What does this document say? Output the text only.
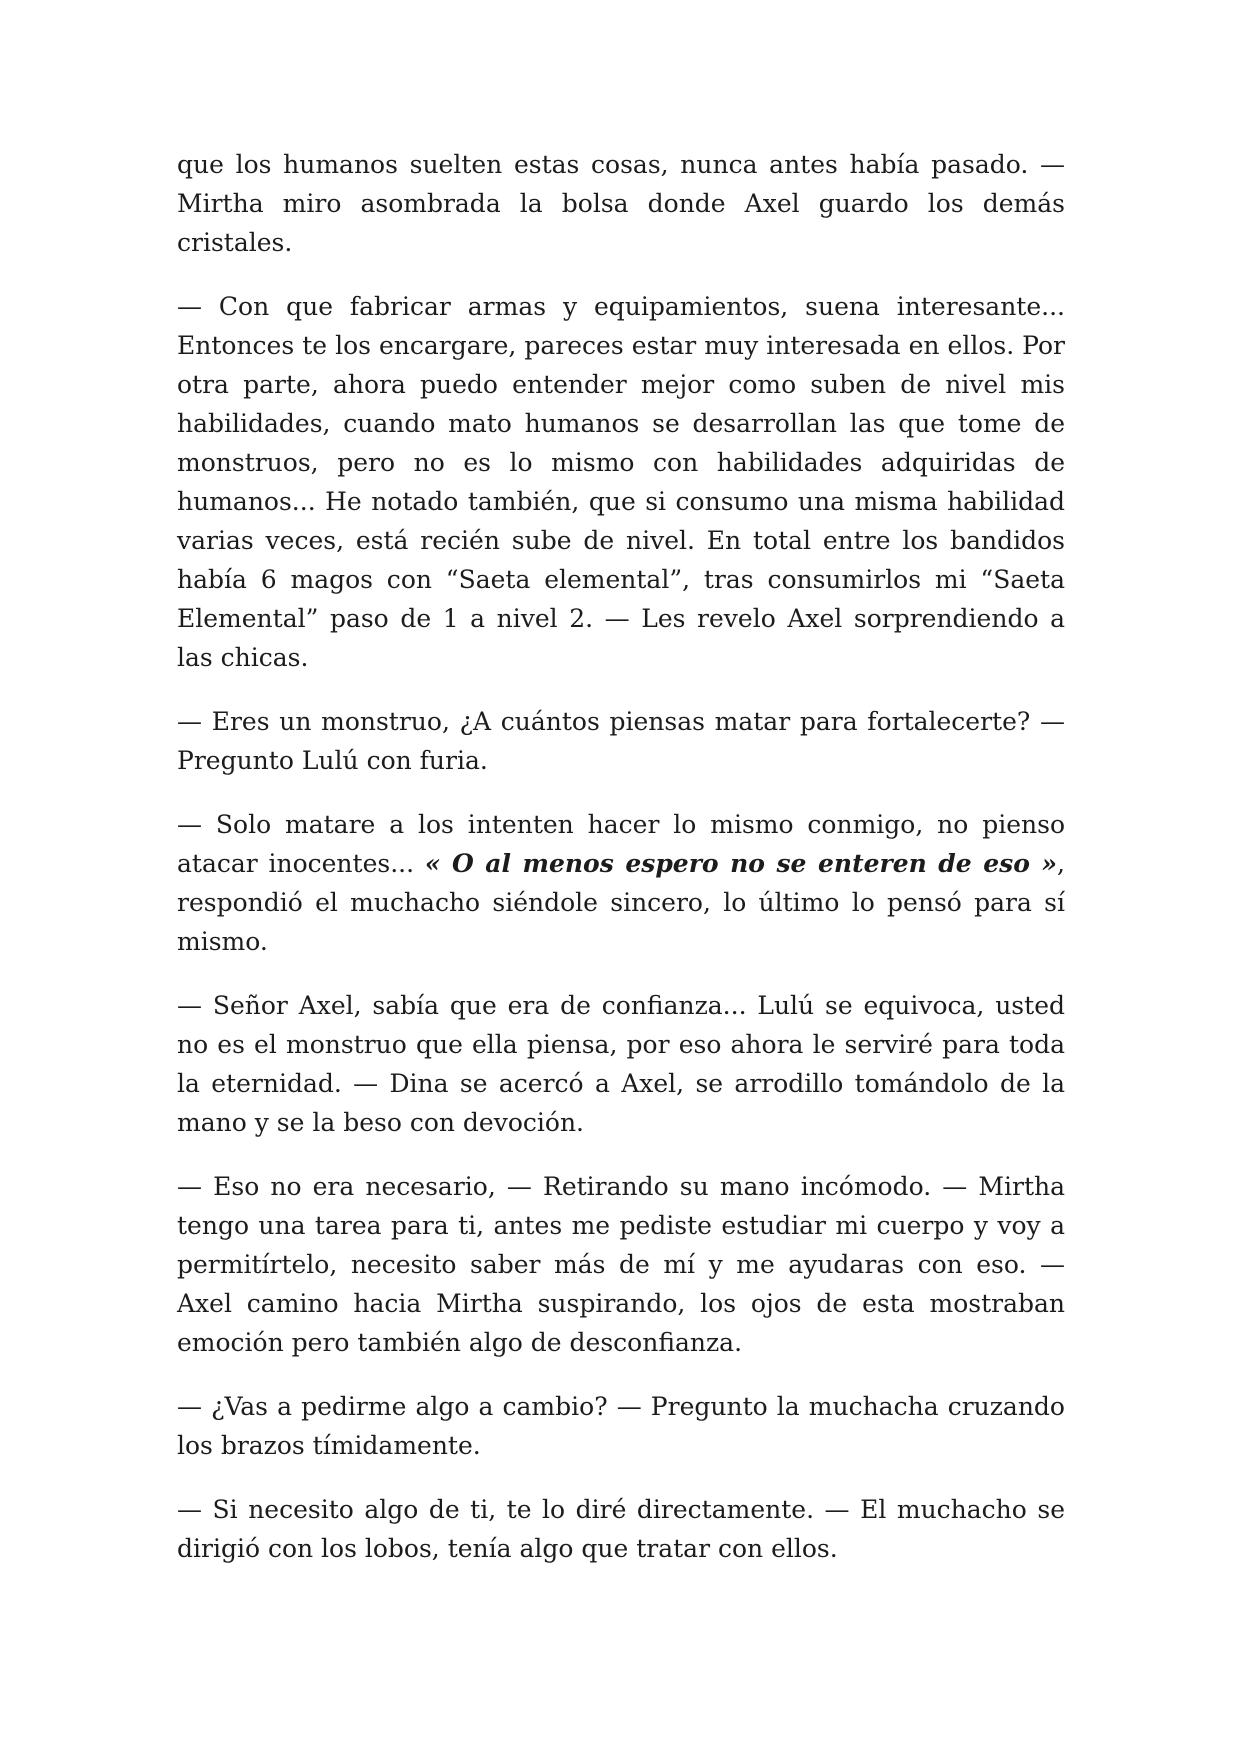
que los humanos suelten estas cosas, nunca antes había pasado. — Mirtha miro asombrada la bolsa donde Axel guardo los demás cristales.

— Con que fabricar armas y equipamientos, suena interesante... Entonces te los encargare, pareces estar muy interesada en ellos. Por otra parte, ahora puedo entender mejor como suben de nivel mis habilidades, cuando mato humanos se desarrollan las que tome de monstruos, pero no es lo mismo con habilidades adquiridas de humanos... He notado también, que si consumo una misma habilidad varias veces, está recién sube de nivel. En total entre los bandidos había 6 magos con “Saeta elemental”, tras consumirlos mi “Saeta Elemental” paso de 1 a nivel 2. — Les revelo Axel sorprendiendo a las chicas.

— Eres un monstruo, ¿A cuántos piensas matar para fortalecerte? — Pregunto Lulú con furia.

— Solo matare a los intenten hacer lo mismo conmigo, no pienso atacar inocentes... « O al menos espero no se enteren de eso », respondió el muchacho siéndole sincero, lo último lo pensó para sí mismo.

— Señor Axel, sabía que era de confianza... Lulú se equivoca, usted no es el monstruo que ella piensa, por eso ahora le serviré para toda la eternidad. — Dina se acercó a Axel, se arrodillo tomándolo de la mano y se la beso con devoción.

— Eso no era necesario, — Retirando su mano incómodo. — Mirtha tengo una tarea para ti, antes me pediste estudiar mi cuerpo y voy a permitírtelo, necesito saber más de mí y me ayudaras con eso. — Axel camino hacia Mirtha suspirando, los ojos de esta mostraban emoción pero también algo de desconfianza.

— ¿Vas a pedirme algo a cambio? — Pregunto la muchacha cruzando los brazos tímidamente.

— Si necesito algo de ti, te lo diré directamente. — El muchacho se dirigió con los lobos, tenía algo que tratar con ellos.
